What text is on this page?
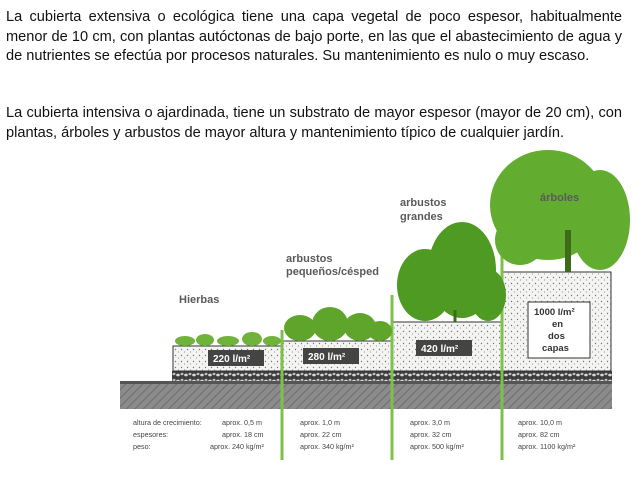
La cubierta extensiva o ecológica tiene una capa vegetal de poco espesor, habitualmente menor de 10 cm, con plantas autóctonas de bajo porte, en las que el abastecimiento de agua y de nutrientes se efectúa por procesos naturales. Su mantenimiento es nulo o muy escaso.

La cubierta intensiva o ajardinada, tiene un substrato de mayor espesor (mayor de 20 cm), con plantas, árboles y arbustos de mayor altura y mantenimiento típico de cualquier jardín.

Hierbas
arbustos
pequeños/césped
arbustos
grandes
árboles
220 l/m²	280 l/m²
420 l/m²
1000 l/m²
en
dos
capas
altura de crecimiento:
espesores:
peso:
aprox. 0,5 m
aprox. 18 cm
aprox. 240 kg/m²
aprox. 1,0 m
aprox. 22 cm
aprox. 340 kg/m²
aprox. 3,0 m
aprox. 32 cm
aprox. 500 kg/m²
aprox. 10,0 m
aprox. 82 cm
aprox. 1100 kg/m²
